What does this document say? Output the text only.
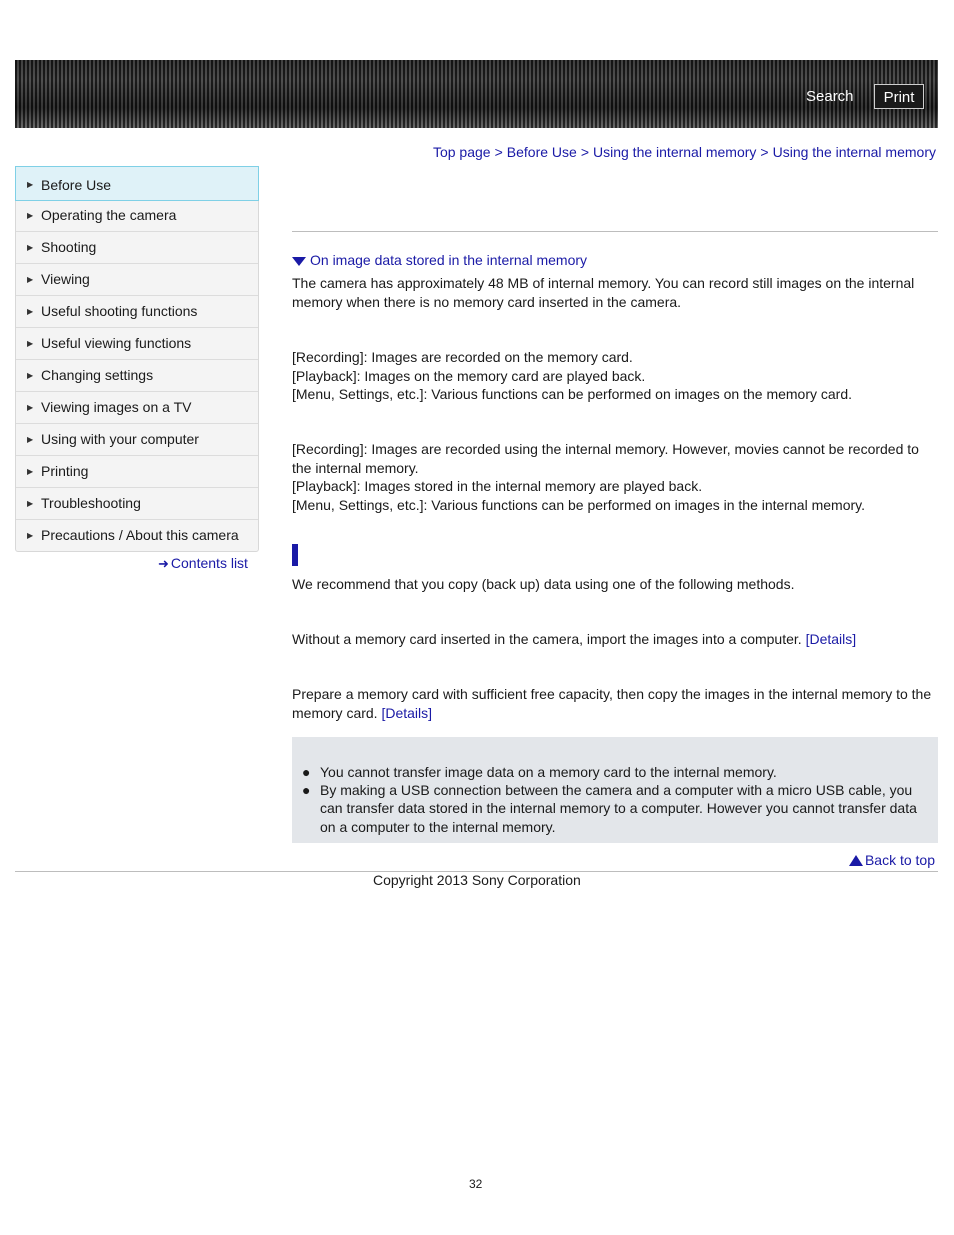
Search	Print
Top page > Before Use > Using the internal memory > Using the internal memory
▶ Before Use
▶ Operating the camera
▶ Shooting
▶ Viewing
▶ Useful shooting functions
▶ Useful viewing functions
▶ Changing settings
▶ Viewing images on a TV
▶ Using with your computer
▶ Printing
▶ Troubleshooting
▶ Precautions / About this camera
➜ Contents list
On image data stored in the internal memory
The camera has approximately 48 MB of internal memory. You can record still images on the internal memory when there is no memory card inserted in the camera.
[Recording]: Images are recorded on the memory card.
[Playback]: Images on the memory card are played back.
[Menu, Settings, etc.]: Various functions can be performed on images on the memory card.
[Recording]: Images are recorded using the internal memory. However, movies cannot be recorded to the internal memory.
[Playback]: Images stored in the internal memory are played back.
[Menu, Settings, etc.]: Various functions can be performed on images in the internal memory.
We recommend that you copy (back up) data using one of the following methods.
Without a memory card inserted in the camera, import the images into a computer. [Details]
Prepare a memory card with sufficient free capacity, then copy the images in the internal memory to the memory card. [Details]
● You cannot transfer image data on a memory card to the internal memory.
● By making a USB connection between the camera and a computer with a micro USB cable, you can transfer data stored in the internal memory to a computer. However you cannot transfer data on a computer to the internal memory.
Back to top
Copyright 2013 Sony Corporation
32
